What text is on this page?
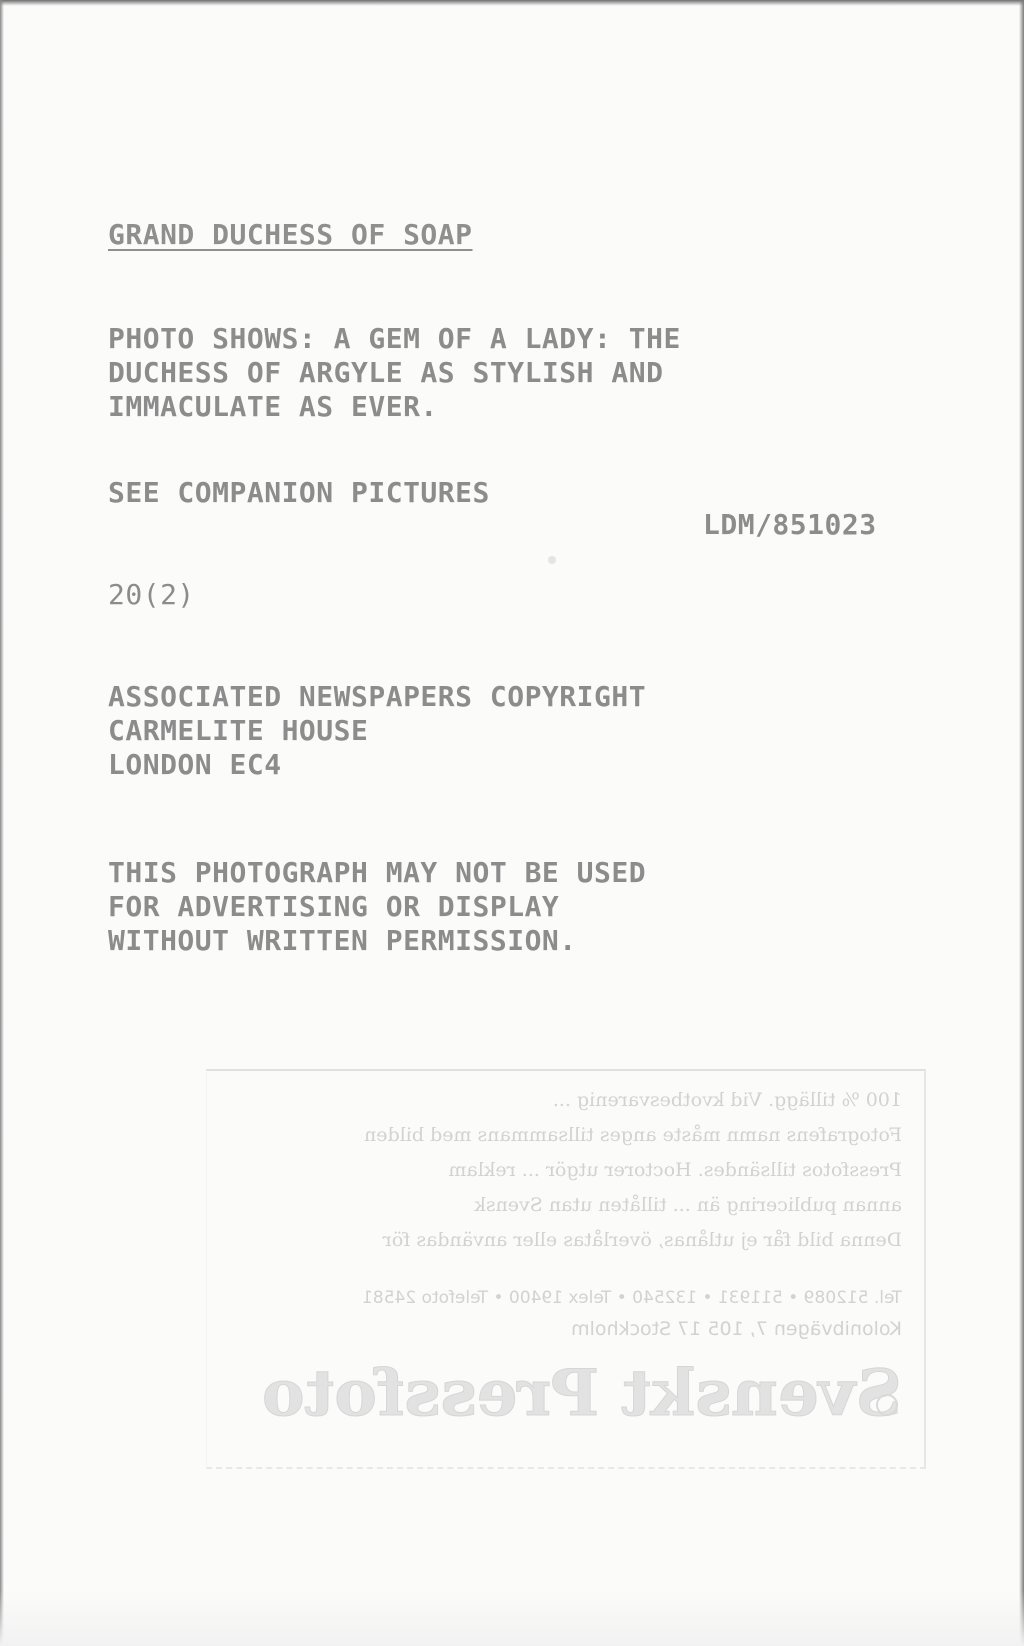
GRAND DUCHESS OF SOAP

PHOTO SHOWS: A GEM OF A LADY: THE
DUCHESS OF ARGYLE AS STYLISH AND
IMMACULATE AS EVER.

SEE COMPANION PICTURES

LDM/851023

20(2)

ASSOCIATED NEWSPAPERS COPYRIGHT
CARMELITE HOUSE
LONDON EC4
THIS PHOTOGRAPH MAY NOT BE USED
FOR ADVERTISING OR DISPLAY
WITHOUT WRITTEN PERMISSION.

100 % tillägg. Vid kvotbesvarenig ...

Fotografens namn måste anges tillsammans med bilden

Pressfotos tillsändes. Hoctorer utgör ... reklam

annan publicering än ... tillåten utan Svensk

Denna bild får ej utlånas, överlåtas eller användas för

Tel. 512089 • 511931 • 132540 • Telex 19400 • Telefoto 24581

Kolonibvägen 7, 105 17 Stockholm

Svenskt Pressfoto
